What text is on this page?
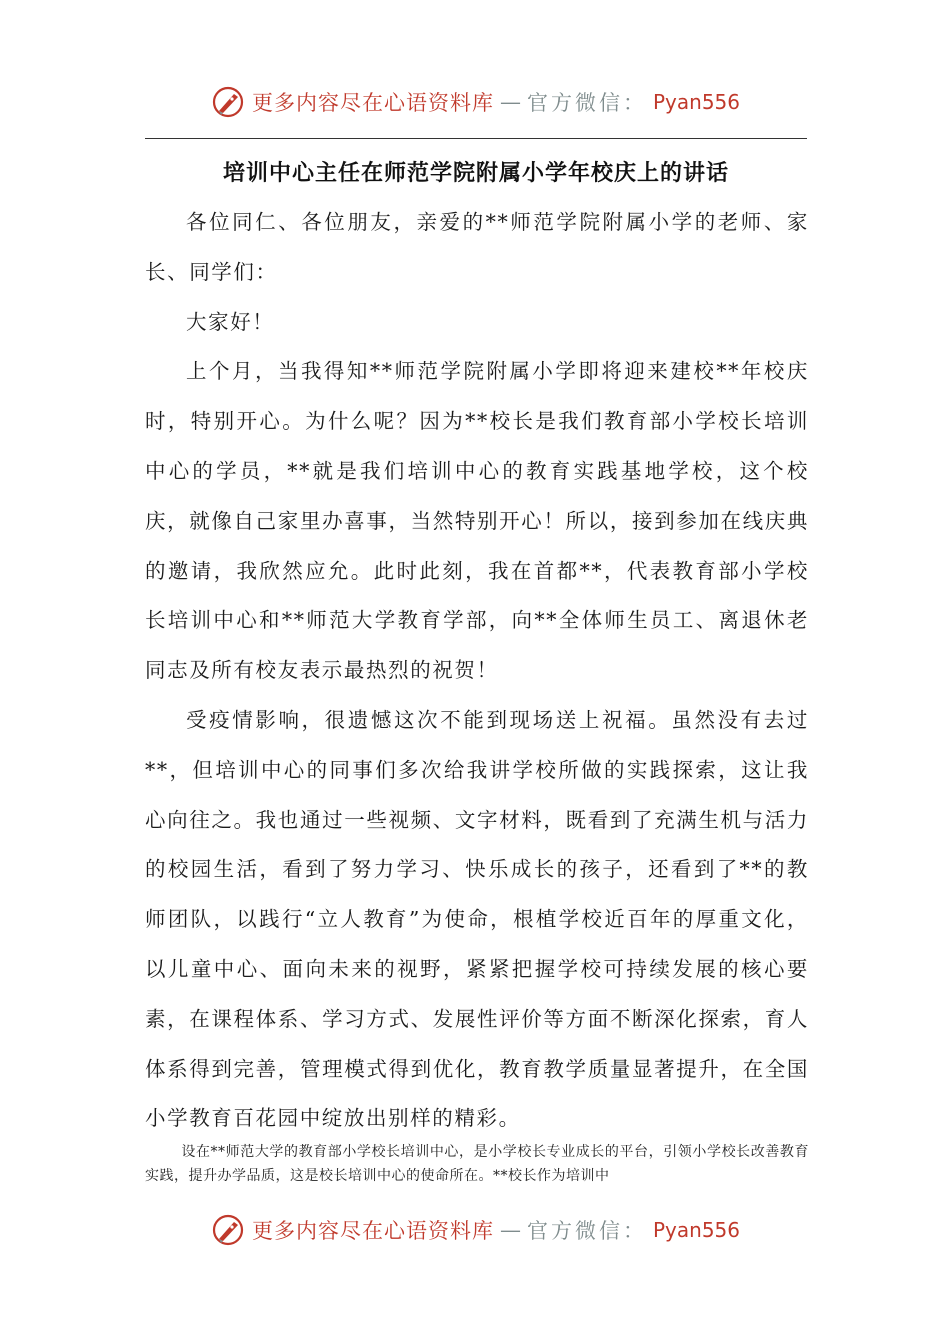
更多内容尽在心语资料库 — 官方微信： Pyan556
培训中心主任在师范学院附属小学年校庆上的讲话

各位同仁、各位朋友，亲爱的**师范学院附属小学的老师、家长、同学们：

大家好！

上个月，当我得知**师范学院附属小学即将迎来建校**年校庆时，特别开心。为什么呢？因为**校长是我们教育部小学校长培训中心的学员，**就是我们培训中心的教育实践基地学校，这个校庆，就像自己家里办喜事，当然特别开心！所以，接到参加在线庆典的邀请，我欣然应允。此时此刻，我在首都**，代表教育部小学校长培训中心和**师范大学教育学部，向**全体师生员工、离退休老同志及所有校友表示最热烈的祝贺！

受疫情影响，很遗憾这次不能到现场送上祝福。虽然没有去过**，但培训中心的同事们多次给我讲学校所做的实践探索，这让我心向往之。我也通过一些视频、文字材料，既看到了充满生机与活力的校园生活，看到了努力学习、快乐成长的孩子，还看到了**的教师团队，以践行“立人教育”为使命，根植学校近百年的厚重文化，以儿童中心、面向未来的视野，紧紧把握学校可持续发展的核心要素，在课程体系、学习方式、发展性评价等方面不断深化探索，育人体系得到完善，管理模式得到优化，教育教学质量显著提升，在全国小学教育百花园中绽放出别样的精彩。

设在**师范大学的教育部小学校长培训中心，是小学校长专业成长的平台，引领小学校长改善教育实践，提升办学品质，这是校长培训中心的使命所在。**校长作为培训中

更多内容尽在心语资料库 — 官方微信： Pyan556
